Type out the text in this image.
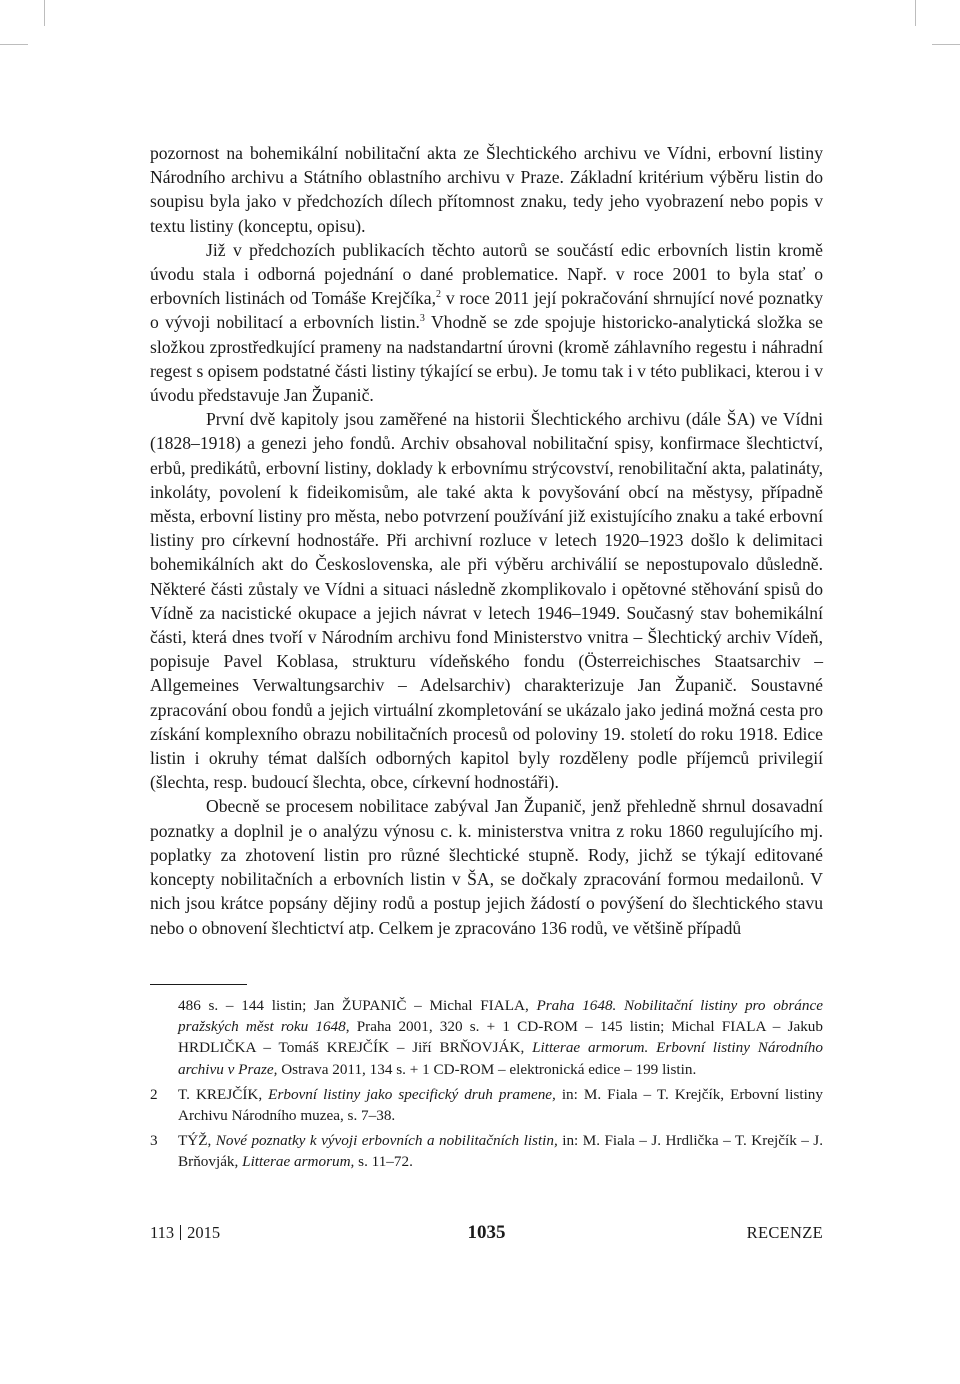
pozornost na bohemikální nobilitační akta ze Šlechtického archivu ve Vídni, erbovní listiny Národního archivu a Státního oblastního archivu v Praze. Základní kritérium výběru listin do soupisu byla jako v předchozích dílech přítomnost znaku, tedy jeho vyobrazení nebo popis v textu listiny (konceptu, opisu).

Již v předchozích publikacích těchto autorů se součástí edic erbovních listin kromě úvodu stala i odborná pojednání o dané problematice. Např. v roce 2001 to byla stať o erbovních listinách od Tomáše Krejčíka,$^2$ v roce 2011 její pokračování shrnující nové poznatky o vývoji nobilitací a erbovních listin.$^3$ Vhodně se zde spojuje historicko-analytická složka se složkou zprostředkující prameny na nadstandartní úrovni (kromě záhlavního regestu i náhradní regest s opisem podstatné části listiny týkající se erbu). Je tomu tak i v této publikaci, kterou i v úvodu představuje Jan Županič.

První dvě kapitoly jsou zaměřené na historii Šlechtického archivu (dále ŠA) ve Vídni (1828–1918) a genezi jeho fondů. Archiv obsahoval nobilitační spisy, konfirmace šlechtictví, erbů, predikátů, erbovní listiny, doklady k erbovnímu strýcovství, renobilitační akta, palatináty, inkoláty, povolení k fideikomisům, ale také akta k povyšování obcí na městysy, případně města, erbovní listiny pro města, nebo potvrzení používání již existujícího znaku a také erbovní listiny pro církevní hodnostáře. Při archivní rozluce v letech 1920–1923 došlo k delimitaci bohemikálních akt do Československa, ale při výběru archiválií se nepostupovalo důsledně. Některé části zůstaly ve Vídni a situaci následně zkomplikovalo i opětovné stěhování spisů do Vídně za nacistické okupace a jejich návrat v letech 1946–1949. Současný stav bohemikální části, která dnes tvoří v Národním archivu fond Ministerstvo vnitra – Šlechtický archiv Vídeň, popisuje Pavel Koblasa, strukturu vídeňského fondu (Österreichisches Staatsarchiv – Allgemeines Verwaltungsarchiv – Adelsarchiv) charakterizuje Jan Županič. Soustavné zpracování obou fondů a jejich virtuální zkompletování se ukázalo jako jediná možná cesta pro získání komplexního obrazu nobilitačních procesů od poloviny 19. století do roku 1918. Edice listin i okruhy témat dalších odborných kapitol byly rozděleny podle příjemců privilegií (šlechta, resp. budoucí šlechta, obce, církevní hodnostáři).

Obecně se procesem nobilitace zabýval Jan Županič, jenž přehledně shrnul dosavadní poznatky a doplnil je o analýzu výnosu c. k. ministerstva vnitra z roku 1860 regulujícího mj. poplatky za zhotovení listin pro různé šlechtické stupně. Rody, jichž se týkají editované koncepty nobilitačních a erbovních listin v ŠA, se dočkaly zpracování formou medailonů. V nich jsou krátce popsány dějiny rodů a postup jejich žádostí o povýšení do šlechtického stavu nebo o obnovení šlechtictví atp. Celkem je zpracováno 136 rodů, ve většině případů

486 s. – 144 listin; Jan ŽUPANIČ – Michal FIALA, Praha 1648. Nobilitační listiny pro obránce pražských měst roku 1648, Praha 2001, 320 s. + 1 CD-ROM – 145 listin; Michal FIALA – Jakub HRDLIČKA – Tomáš KREJČÍK – Jiří BRŇOVJÁK, Litterae armorum. Erbovní listiny Národního archivu v Praze, Ostrava 2011, 134 s. + 1 CD-ROM – elektronická edice – 199 listin.

2 T. KREJČÍK, Erbovní listiny jako specifický druh pramene, in: M. Fiala – T. Krejčík, Erbovní listiny Archivu Národního muzea, s. 7–38.

3 TÝŽ, Nové poznatky k vývoji erbovních a nobilitačních listin, in: M. Fiala – J. Hrdlička – T. Krejčík – J. Brňovják, Litterae armorum, s. 11–72.

113 2015	1035	RECENZE
